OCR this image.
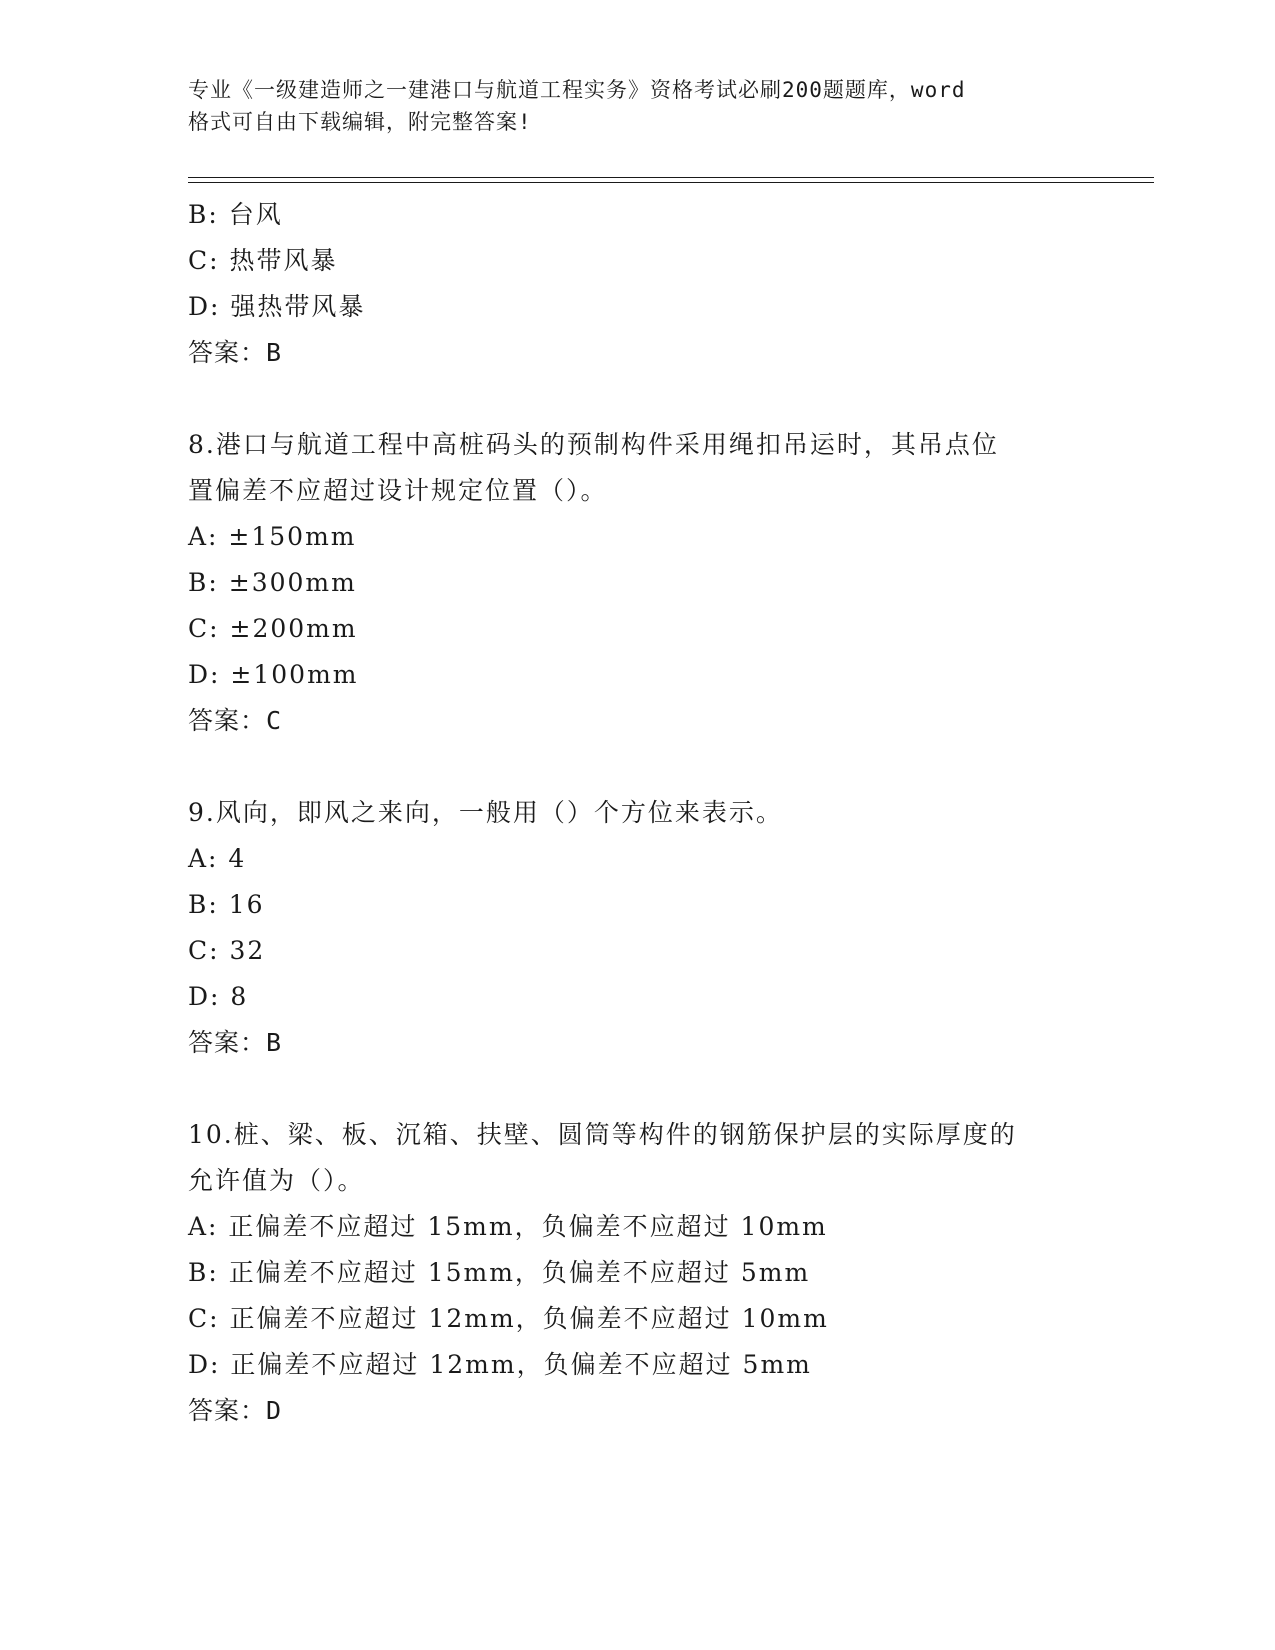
专业《一级建造师之一建港口与航道工程实务》资格考试必刷200题题库，word
格式可自由下载编辑，附完整答案!
B: 台风
C: 热带风暴
D: 强热带风暴
答案：B
8.港口与航道工程中高桩码头的预制构件采用绳扣吊运时，其吊点位
置偏差不应超过设计规定位置（）。
A: ±150mm
B: ±300mm
C: ±200mm
D: ±100mm
答案：C
9.风向，即风之来向，一般用（）个方位来表示。
A: 4
B: 16
C: 32
D: 8
答案：B
10.桩、梁、板、沉箱、扶壁、圆筒等构件的钢筋保护层的实际厚度的
允许值为（）。
A: 正偏差不应超过 15mm，负偏差不应超过 10mm
B: 正偏差不应超过 15mm，负偏差不应超过 5mm
C: 正偏差不应超过 12mm，负偏差不应超过 10mm
D: 正偏差不应超过 12mm，负偏差不应超过 5mm
答案：D
